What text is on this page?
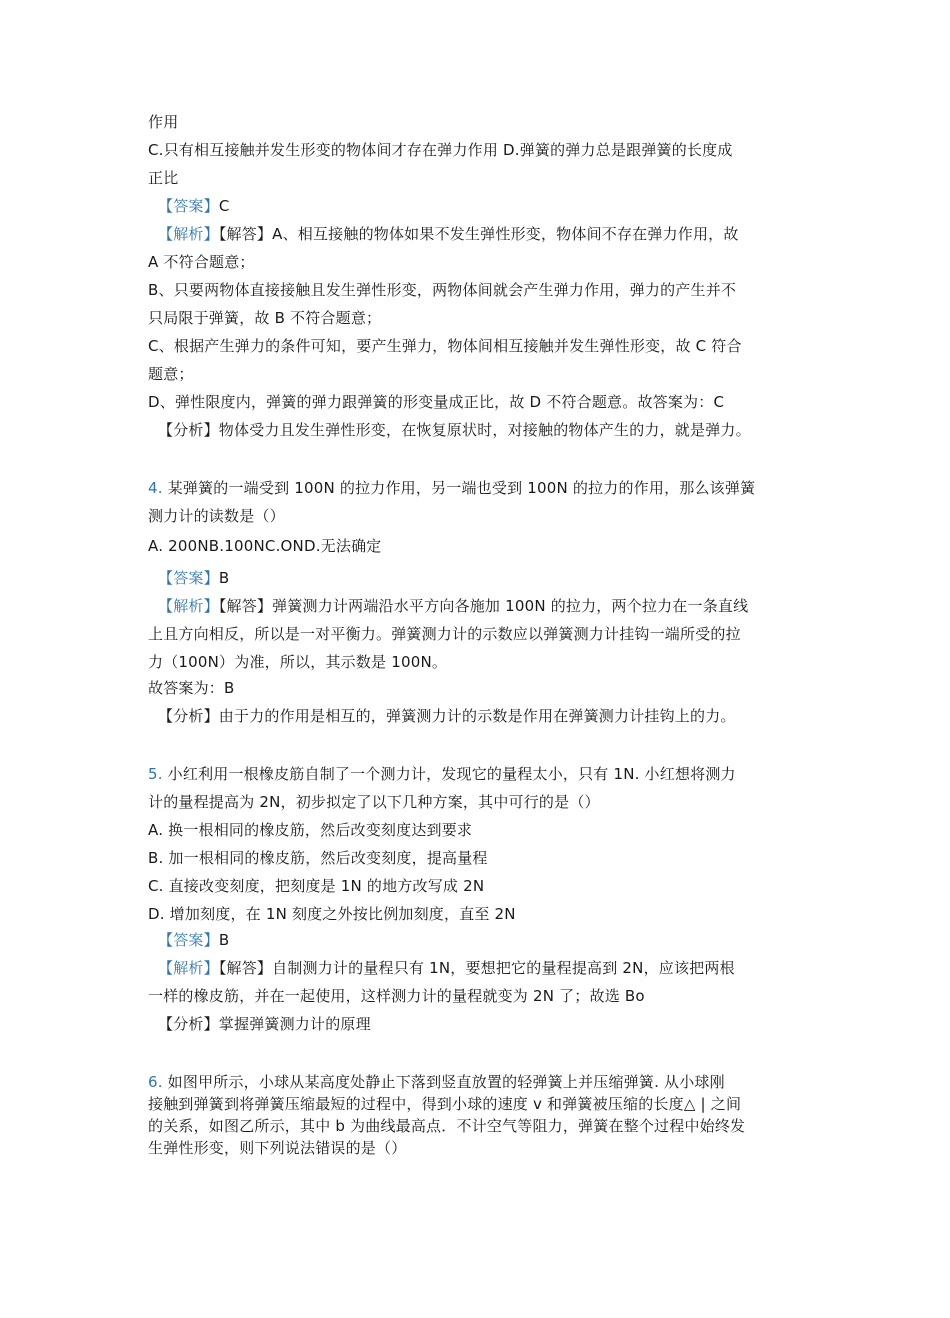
作用
C.只有相互接触并发生形变的物体间才存在弹力作用 D.弹簧的弹力总是跟弹簧的长度成
正比
【答案】C
【解析】【解答】A、相互接触的物体如果不发生弹性形变，物体间不存在弹力作用，故
A 不符合题意；
B、只要两物体直接接触且发生弹性形变，两物体间就会产生弹力作用，弹力的产生并不
只局限于弹簧，故 B 不符合题意；
C、根据产生弹力的条件可知，要产生弹力，物体间相互接触并发生弹性形变，故 C 符合
题意；
D、弹性限度内，弹簧的弹力跟弹簧的形变量成正比，故 D 不符合题意。故答案为：C
【分析】物体受力且发生弹性形变，在恢复原状时，对接触的物体产生的力，就是弹力。
4. 某弹簧的一端受到 100N 的拉力作用，另一端也受到 100N 的拉力的作用，那么该弹簧
测力计的读数是（）
A. 200NB.100NC.OND.无法确定
【答案】B
【解析】【解答】弹簧测力计两端沿水平方向各施加 100N 的拉力，两个拉力在一条直线
上且方向相反，所以是一对平衡力。弹簧测力计的示数应以弹簧测力计挂钩一端所受的拉
力（100N）为准，所以，其示数是 100N。
故答案为：B
【分析】由于力的作用是相互的，弹簧测力计的示数是作用在弹簧测力计挂钩上的力。
5. 小红利用一根橡皮筋自制了一个测力计，发现它的量程太小，只有 1N. 小红想将测力
计的量程提高为 2N，初步拟定了以下几种方案，其中可行的是（）
A. 换一根相同的橡皮筋，然后改变刻度达到要求
B. 加一根相同的橡皮筋，然后改变刻度，提高量程
C. 直接改变刻度，把刻度是 1N 的地方改写成 2N
D. 增加刻度，在 1N 刻度之外按比例加刻度，直至 2N
【答案】B
【解析】【解答】自制测力计的量程只有 1N，要想把它的量程提高到 2N，应该把两根
一样的橡皮筋，并在一起使用，这样测力计的量程就变为 2N 了；故选 Bo
【分析】掌握弹簧测力计的原理
6. 如图甲所示，小球从某高度处静止下落到竖直放置的轻弹簧上并压缩弹簧. 从小球刚
接触到弹簧到将弹簧压缩最短的过程中，得到小球的速度 v 和弹簧被压缩的长度△ | 之间
的关系，如图乙所示，其中 b 为曲线最高点．不计空气等阻力，弹簧在整个过程中始终发
生弹性形变，则下列说法错误的是（）
